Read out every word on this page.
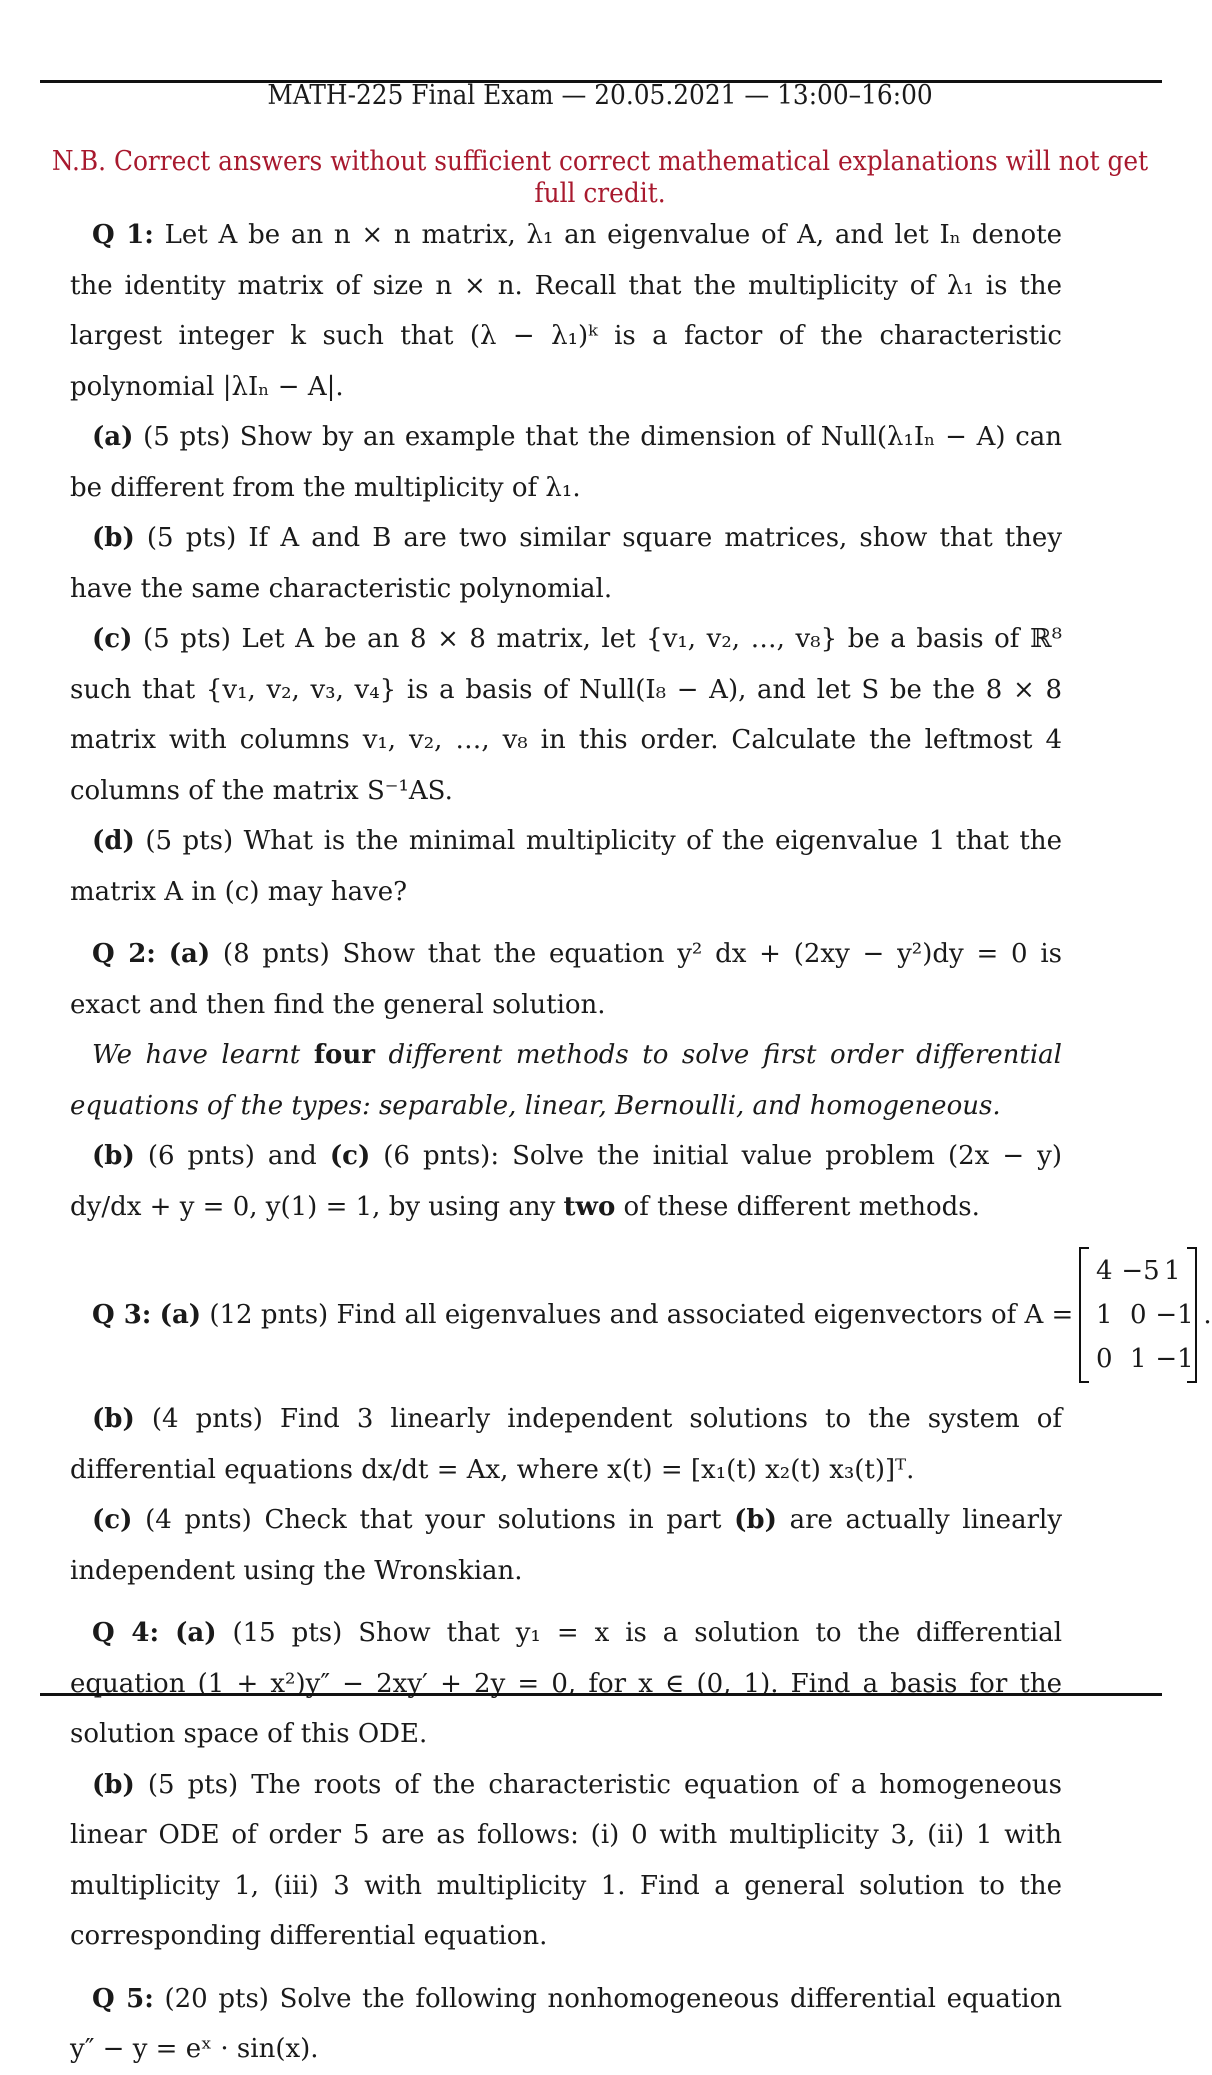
MATH-225 Final Exam — 20.05.2021 — 13:00–16:00
N.B. Correct answers without sufficient correct mathematical explanations will not get full credit.

Q 1: Let A be an n × n matrix, λ₁ an eigenvalue of A, and let Iₙ denote the identity matrix of size n × n. Recall that the multiplicity of λ₁ is the largest integer k such that (λ − λ₁)ᵏ is a factor of the characteristic polynomial |λIₙ − A|.

(a) (5 pts) Show by an example that the dimension of Null(λ₁Iₙ − A) can be different from the multiplicity of λ₁.

(b) (5 pts) If A and B are two similar square matrices, show that they have the same characteristic polynomial.

(c) (5 pts) Let A be an 8 × 8 matrix, let {v₁, v₂, …, v₈} be a basis of ℝ⁸ such that {v₁, v₂, v₃, v₄} is a basis of Null(I₈ − A), and let S be the 8 × 8 matrix with columns v₁, v₂, …, v₈ in this order. Calculate the leftmost 4 columns of the matrix S⁻¹AS.

(d) (5 pts) What is the minimal multiplicity of the eigenvalue 1 that the matrix A in (c) may have?

Q 2: (a) (8 pnts) Show that the equation y² dx + (2xy − y²)dy = 0 is exact and then find the general solution.

We have learnt four different methods to solve first order differential equations of the types: separable, linear, Bernoulli, and homogeneous.

(b) (6 pnts) and (c) (6 pnts): Solve the initial value problem (2x − y) dy/dx + y = 0, y(1) = 1, by using any two of these different methods.

Q 3: (a) (12 pnts) Find all eigenvalues and associated eigenvectors of A =
4 −5 1
1 0 −1
0 1 −1
.

(b) (4 pnts) Find 3 linearly independent solutions to the system of differential equations dx/dt = Ax, where x(t) = [x₁(t) x₂(t) x₃(t)]ᵀ.

(c) (4 pnts) Check that your solutions in part (b) are actually linearly independent using the Wronskian.

Q 4: (a) (15 pts) Show that y₁ = x is a solution to the differential equation (1 + x²)y″ − 2xy′ + 2y = 0, for x ∈ (0, 1). Find a basis for the solution space of this ODE.

(b) (5 pts) The roots of the characteristic equation of a homogeneous linear ODE of order 5 are as follows: (i) 0 with multiplicity 3, (ii) 1 with multiplicity 1, (iii) 3 with multiplicity 1. Find a general solution to the corresponding differential equation.

Q 5: (20 pts) Solve the following nonhomogeneous differential equation y″ − y = eˣ · sin(x).
